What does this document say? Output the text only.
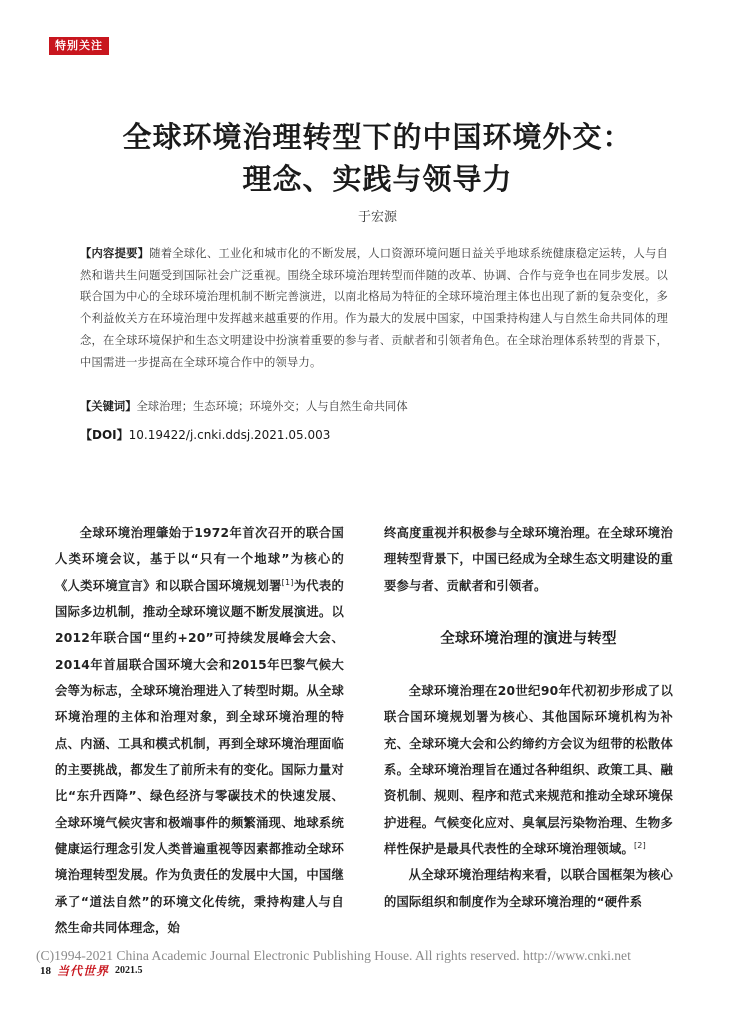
特别关注
全球环境治理转型下的中国环境外交：
理念、实践与领导力
于宏源
【内容提要】随着全球化、工业化和城市化的不断发展，人口资源环境问题日益关乎地球系统健康稳定运转，人与自然和谐共生问题受到国际社会广泛重视。围绕全球环境治理转型而伴随的改革、协调、合作与竞争也在同步发展。以联合国为中心的全球环境治理机制不断完善演进，以南北格局为特征的全球环境治理主体也出现了新的复杂变化，多个利益攸关方在环境治理中发挥越来越重要的作用。作为最大的发展中国家，中国秉持构建人与自然生命共同体的理念，在全球环境保护和生态文明建设中扮演着重要的参与者、贡献者和引领者角色。在全球治理体系转型的背景下，中国需进一步提高在全球环境合作中的领导力。
【关键词】全球治理；生态环境；环境外交；人与自然生命共同体
【DOI】10.19422/j.cnki.ddsj.2021.05.003

全球环境治理肇始于1972年首次召开的联合国人类环境会议，基于以“只有一个地球”为核心的《人类环境宣言》和以联合国环境规划署[1]为代表的国际多边机制，推动全球环境议题不断发展演进。以2012年联合国“里约+20”可持续发展峰会大会、2014年首届联合国环境大会和2015年巴黎气候大会等为标志，全球环境治理进入了转型时期。从全球环境治理的主体和治理对象，到全球环境治理的特点、内涵、工具和模式机制，再到全球环境治理面临的主要挑战，都发生了前所未有的变化。国际力量对比“东升西降”、绿色经济与零碳技术的快速发展、全球环境气候灾害和极端事件的频繁涌现、地球系统健康运行理念引发人类普遍重视等因素都推动全球环境治理转型发展。作为负责任的发展中大国，中国继承了“道法自然”的环境文化传统，秉持构建人与自然生命共同体理念，始

终高度重视并积极参与全球环境治理。在全球环境治理转型背景下，中国已经成为全球生态文明建设的重要参与者、贡献者和引领者。

全球环境治理的演进与转型

全球环境治理在20世纪90年代初初步形成了以联合国环境规划署为核心、其他国际环境机构为补充、全球环境大会和公约缔约方会议为纽带的松散体系。全球环境治理旨在通过各种组织、政策工具、融资机制、规则、程序和范式来规范和推动全球环境保护进程。气候变化应对、臭氧层污染物治理、生物多样性保护是最具代表性的全球环境治理领域。[2]

从全球环境治理结构来看，以联合国框架为核心的国际组织和制度作为全球环境治理的“硬件系

(C)1994-2021 China Academic Journal Electronic Publishing House. All rights reserved. http://www.cnki.net
18 当代世界 2021.5
